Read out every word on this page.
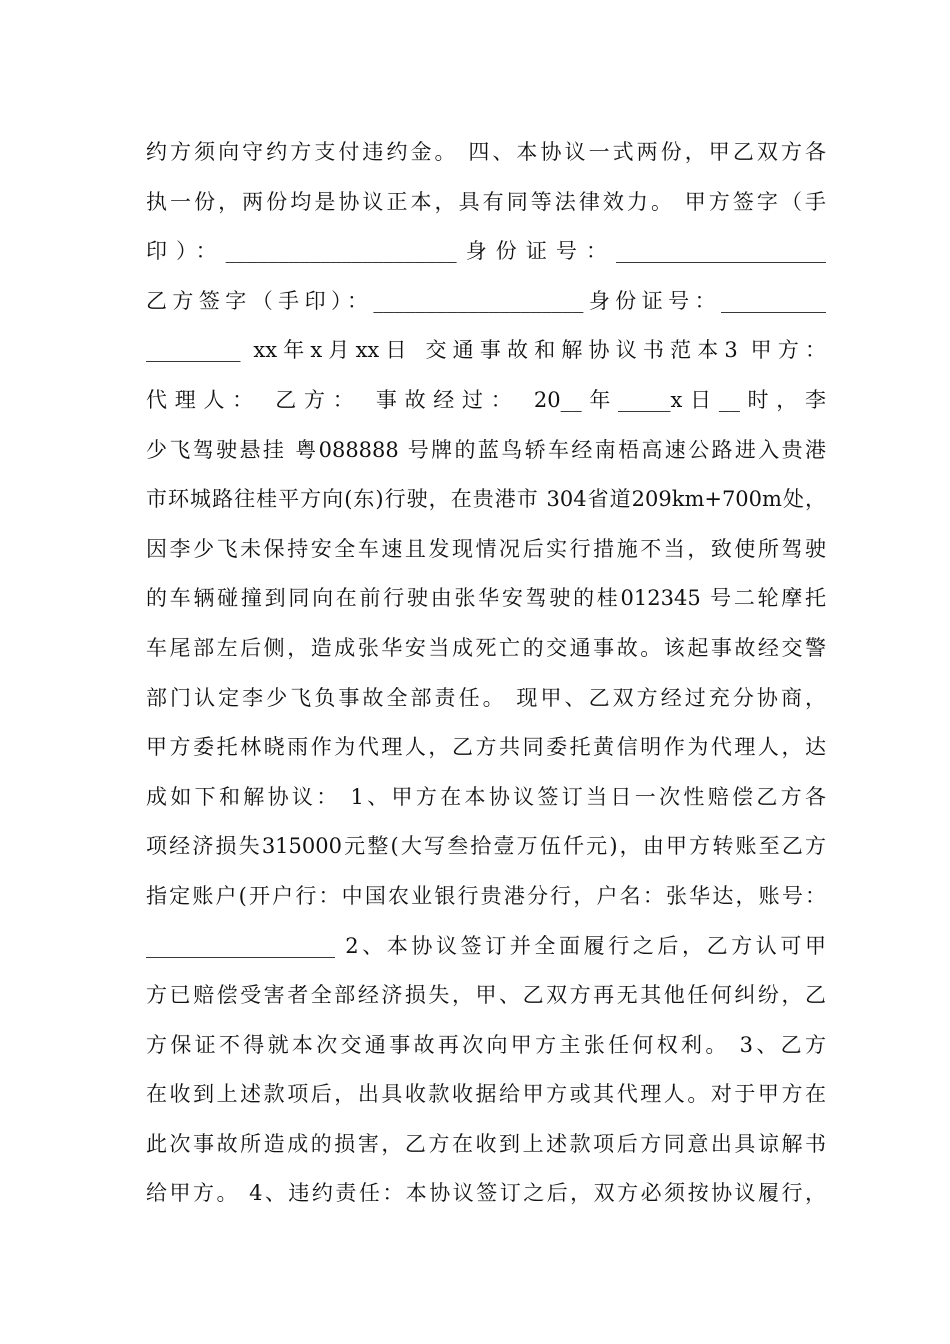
约方须向守约方支付违约金。 四、本协议一式两份，甲乙双方各
执一份，两份均是协议正本，具有同等法律效力。 甲方签字（手
印）：______________________身份证号：____________________
乙方签字（手印）：____________________身份证号：__________
_________ xx年x月xx日 交通事故和解协议书范本3 甲方：
代理人： 乙方： 事故经过： 20__年_____x日__时，李
少飞驾驶悬挂 粤088888 号牌的蓝鸟轿车经南梧高速公路进入贵港
市环城路往桂平方向(东)行驶，在贵港市 304省道209km+700m处，
因李少飞未保持安全车速且发现情况后实行措施不当，致使所驾驶
的车辆碰撞到同向在前行驶由张华安驾驶的桂012345 号二轮摩托
车尾部左后侧，造成张华安当成死亡的交通事故。该起事故经交警
部门认定李少飞负事故全部责任。 现甲、乙双方经过充分协商，
甲方委托林晓雨作为代理人，乙方共同委托黄信明作为代理人，达
成如下和解协议： 1、甲方在本协议签订当日一次性赔偿乙方各
项经济损失315000元整(大写叁拾壹万伍仟元)，由甲方转账至乙方
指定账户(开户行：中国农业银行贵港分行，户名：张华达，账号：
__________________ 2、本协议签订并全面履行之后，乙方认可甲
方已赔偿受害者全部经济损失，甲、乙双方再无其他任何纠纷，乙
方保证不得就本次交通事故再次向甲方主张任何权利。 3、乙方
在收到上述款项后，出具收款收据给甲方或其代理人。对于甲方在
此次事故所造成的损害，乙方在收到上述款项后方同意出具谅解书
给甲方。 4、违约责任：本协议签订之后，双方必须按协议履行，
